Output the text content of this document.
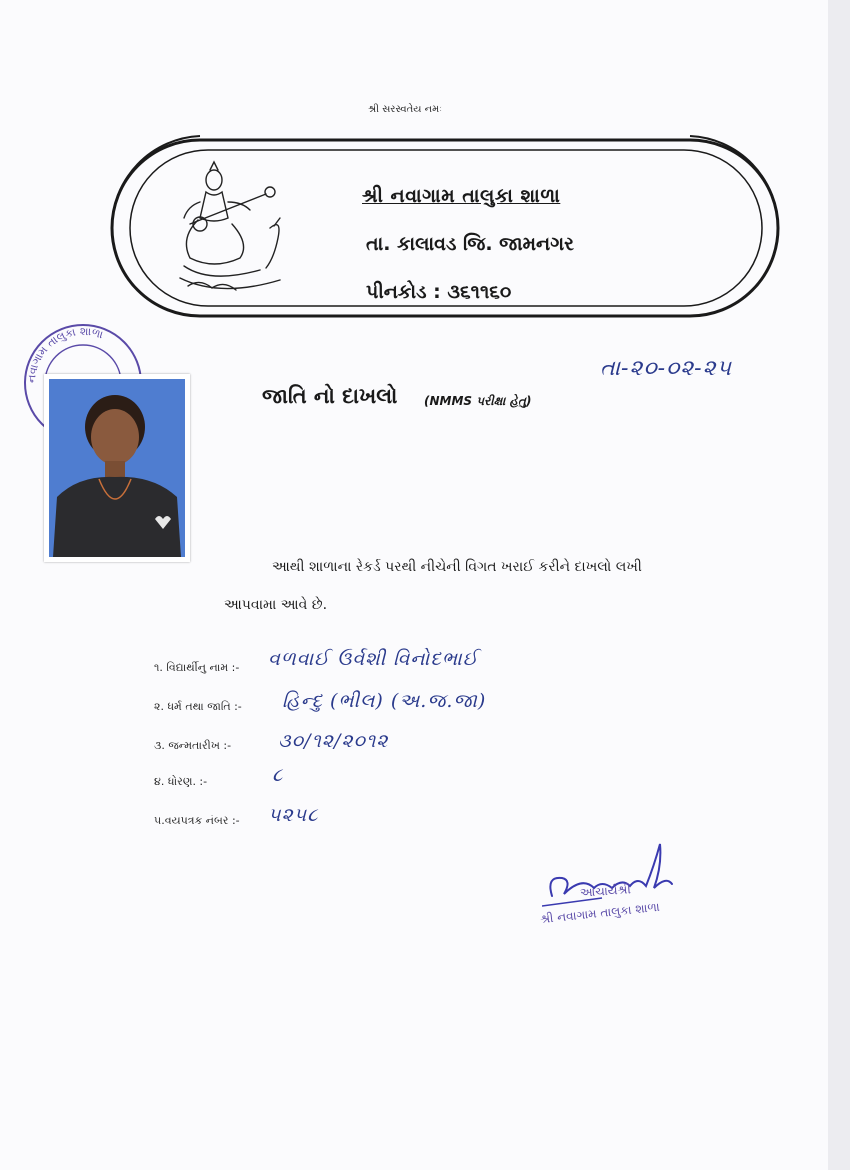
શ્રી સરસ્વતેય નમઃ
શ્રી નવાગામ તાલુકા શાળા
તા. કાલાવડ જિ. જામનગર
પીનકોડ : ૩૬૧૧૬૦
નવાગામ તાલુકા શાળા
તા-૨૦-૦૨-૨૫
જાતિ નો દાખલો (NMMS પરીક્ષા હેતુ)
આથી શાળાના રેકર્ડ પરથી નીચેની વિગત ખરાઈ કરીને દાખલો લખી
આપવામા આવે છે.
૧. વિદ્યાર્થીનુ નામ :- વળવાઈ ઉર્વશી વિનોદભાઈ
૨. ધર્મ તથા જાતિ :- હિન્દુ (ભીલ) (અ.જ.જા)
૩. જન્મતારીખ :- ૩૦/૧૨/૨૦૧૨
૪. ધોરણ. :-	૮
૫.વયપત્રક નંબર :- ૫૨૫૮
આચાર્યશ્રી
શ્રી નવાગામ તાલુકા શાળા
